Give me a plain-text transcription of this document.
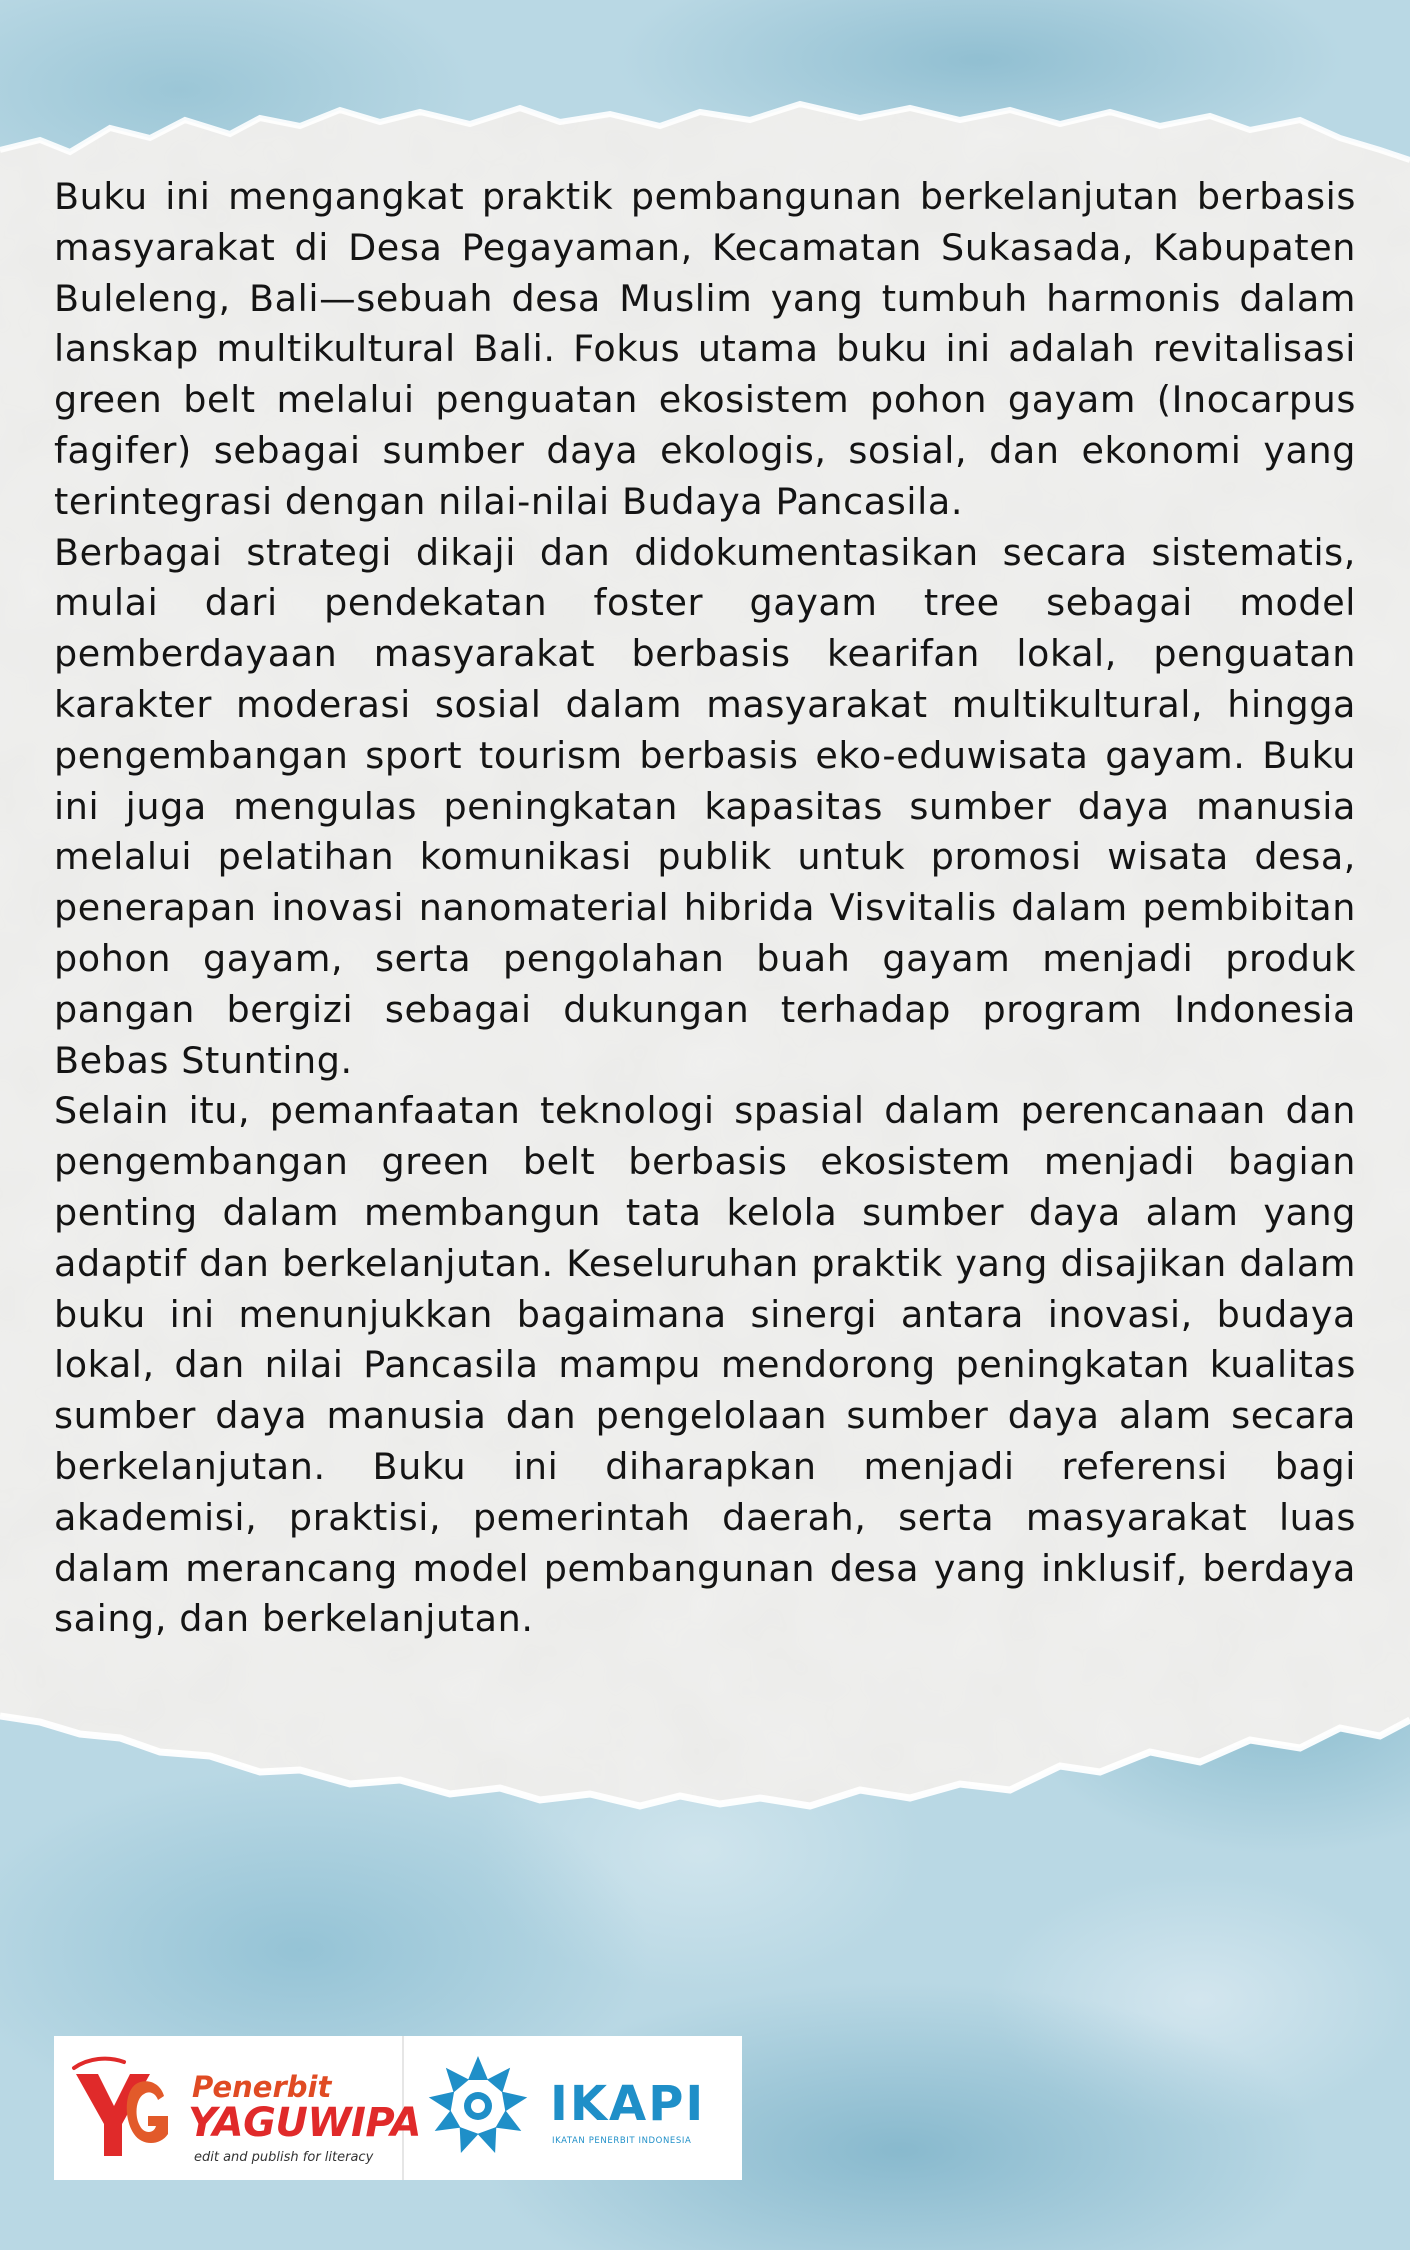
Buku ini mengangkat praktik pembangunan berkelanjutan berbasis masyarakat di Desa Pegayaman, Kecamatan Sukasada, Kabupaten Buleleng, Bali—sebuah desa Muslim yang tumbuh harmonis dalam lanskap multikultural Bali. Fokus utama buku ini adalah revitalisasi green belt melalui penguatan ekosistem pohon gayam (Inocarpus fagifer) sebagai sumber daya ekologis, sosial, dan ekonomi yang terintegrasi dengan nilai-nilai Budaya Pancasila.

Berbagai strategi dikaji dan didokumentasikan secara sistematis, mulai dari pendekatan foster gayam tree sebagai model pemberdayaan masyarakat berbasis kearifan lokal, penguatan karakter moderasi sosial dalam masyarakat multikultural, hingga pengembangan sport tourism berbasis eko-eduwisata gayam. Buku ini juga mengulas peningkatan kapasitas sumber daya manusia melalui pelatihan komunikasi publik untuk promosi wisata desa, penerapan inovasi nanomaterial hibrida Visvitalis dalam pembibitan pohon gayam, serta pengolahan buah gayam menjadi produk pangan bergizi sebagai dukungan terhadap program Indonesia Bebas Stunting.

Selain itu, pemanfaatan teknologi spasial dalam perencanaan dan pengembangan green belt berbasis ekosistem menjadi bagian penting dalam membangun tata kelola sumber daya alam yang adaptif dan berkelanjutan. Keseluruhan praktik yang disajikan dalam buku ini menunjukkan bagaimana sinergi antara inovasi, budaya lokal, dan nilai Pancasila mampu mendorong peningkatan kualitas sumber daya manusia dan pengelolaan sumber daya alam secara berkelanjutan. Buku ini diharapkan menjadi referensi bagi akademisi, praktisi, pemerintah daerah, serta masyarakat luas dalam merancang model pembangunan desa yang inklusif, berdaya saing, dan berkelanjutan.

Penerbit
YAGUWIPA
edit and publish for literacy
IKAPI
IKATAN PENERBIT INDONESIA
